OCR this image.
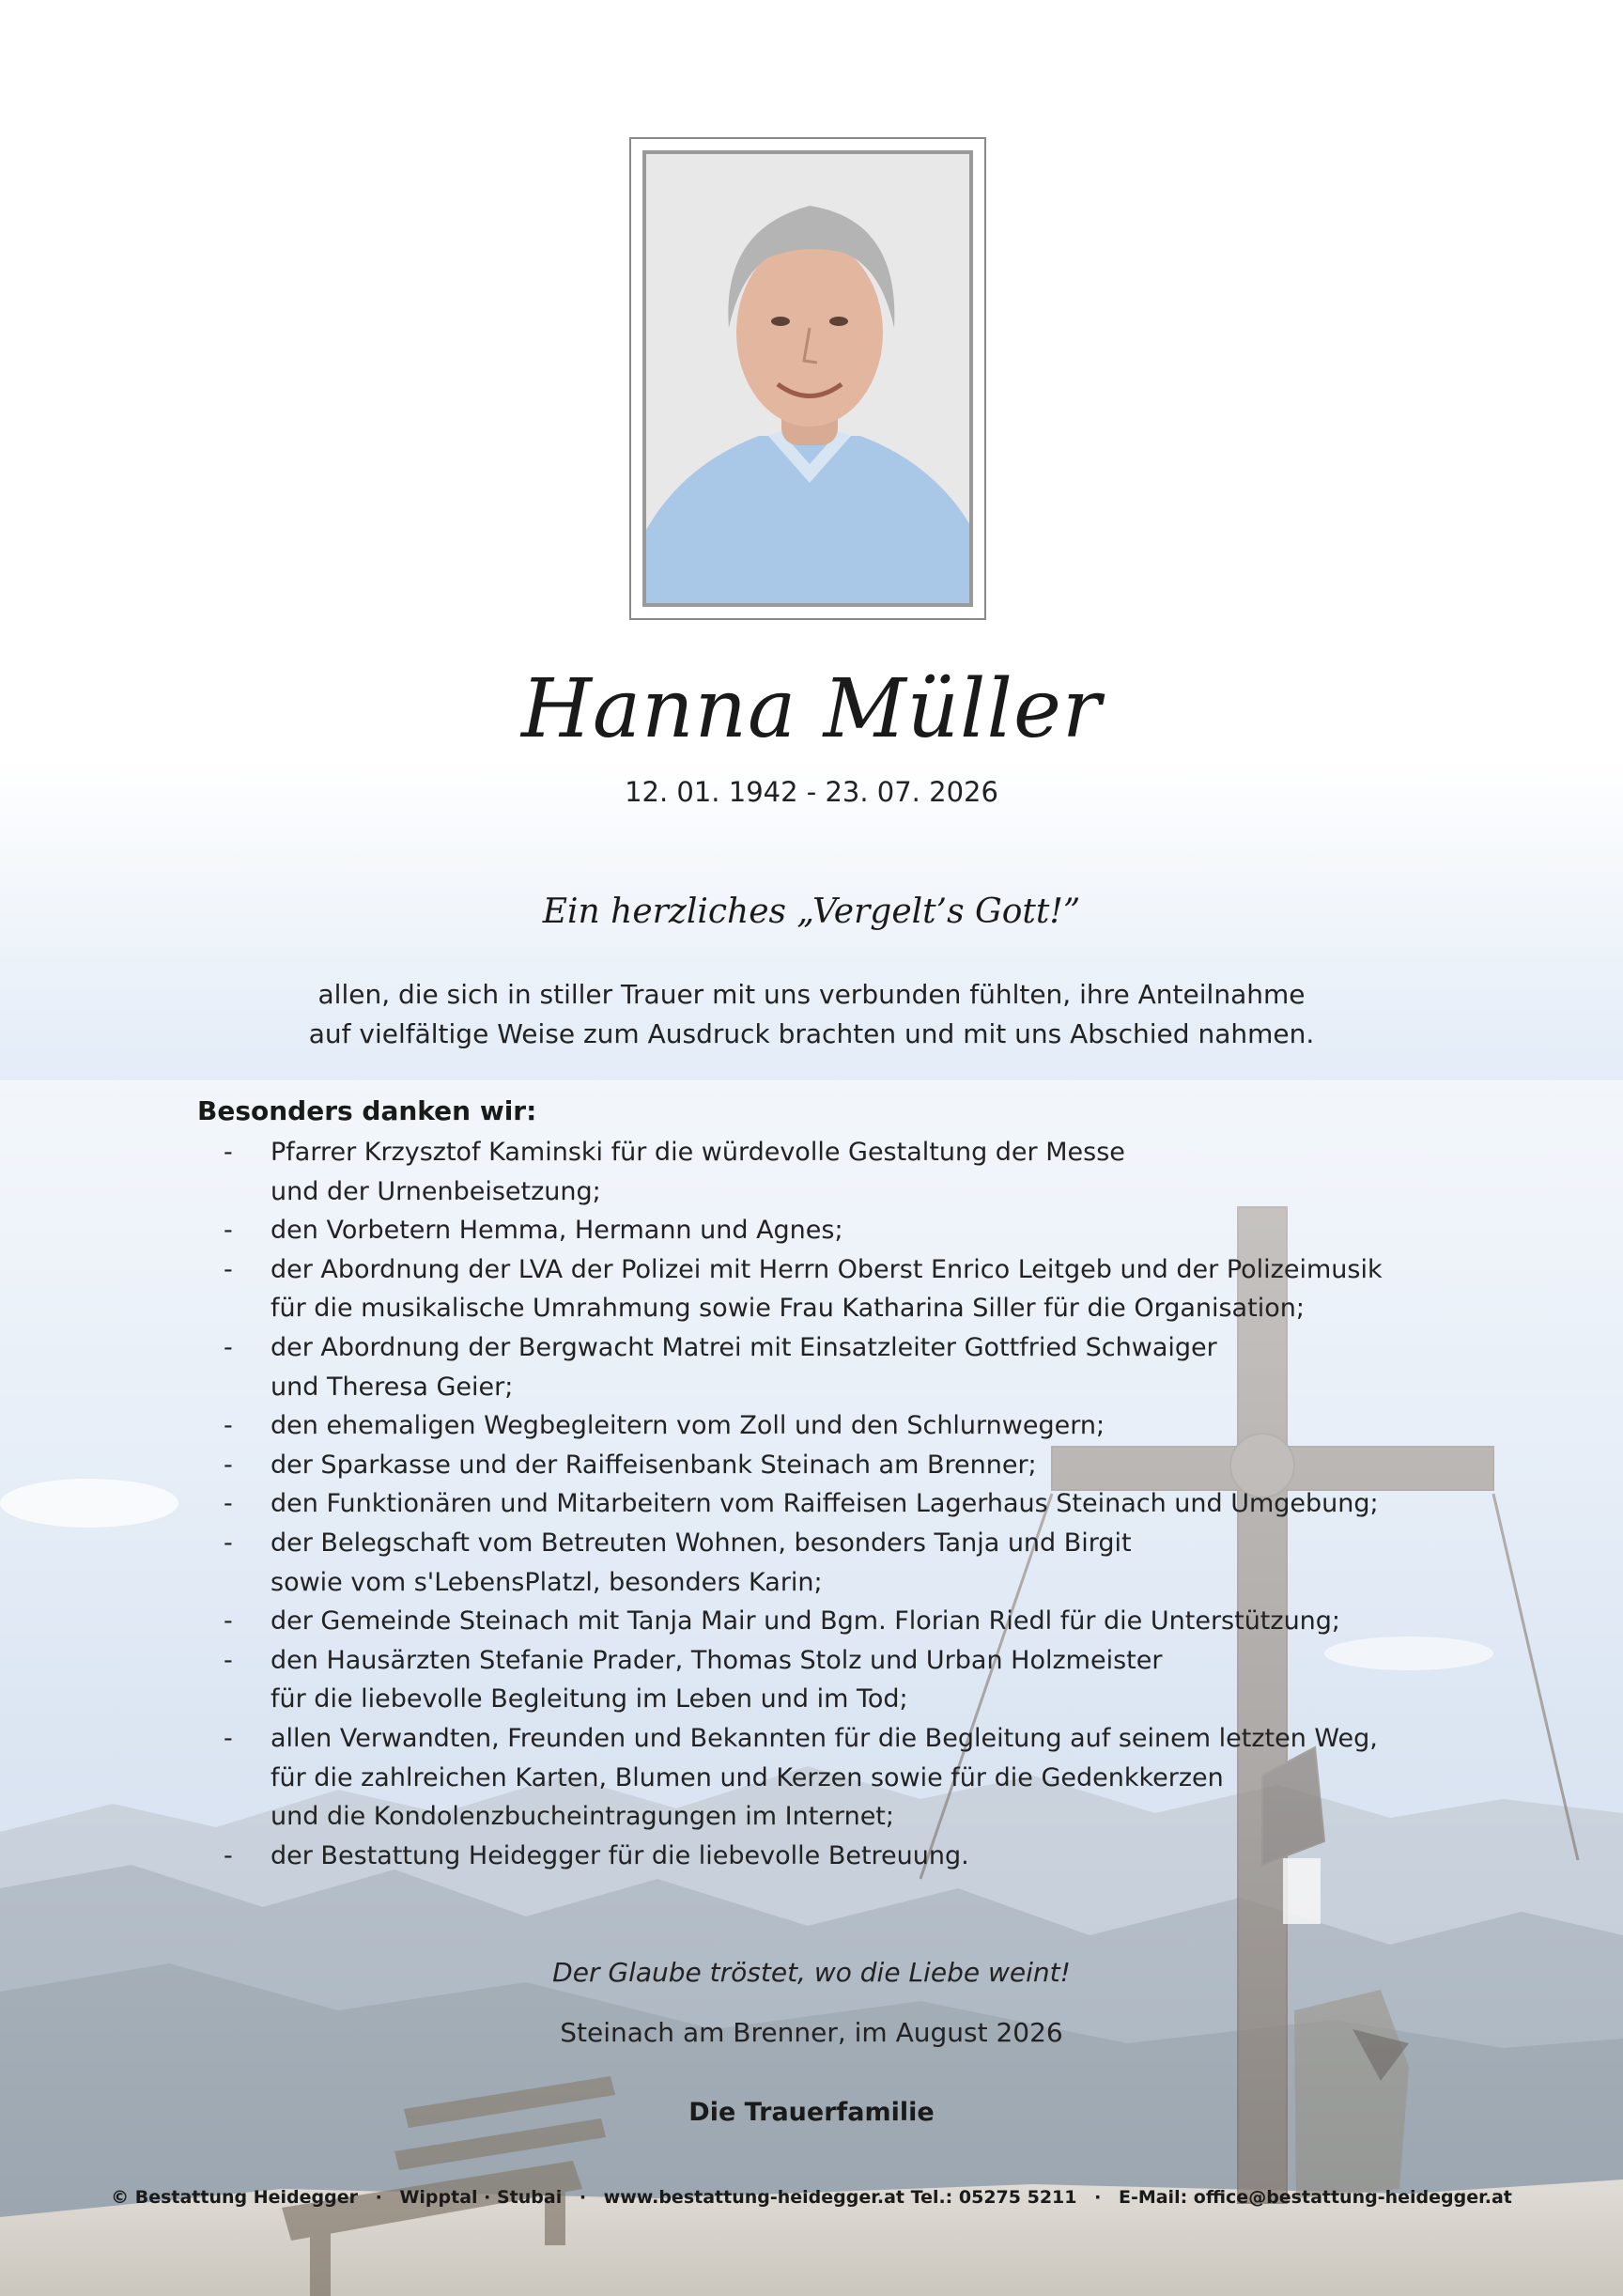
Hanna Müller
12. 01. 1942 - 23. 07. 2026
Ein herzliches „Vergelt’s Gott!”
allen, die sich in stiller Trauer mit uns verbunden fühlten, ihre Anteilnahme
auf vielfältige Weise zum Ausdruck brachten und mit uns Abschied nahmen.
Besonders danken wir:
- Pfarrer Krzysztof Kaminski für die würdevolle Gestaltung der Messe
und der Urnenbeisetzung;
- den Vorbetern Hemma, Hermann und Agnes;
- der Abordnung der LVA der Polizei mit Herrn Oberst Enrico Leitgeb und der Polizeimusik
für die musikalische Umrahmung sowie Frau Katharina Siller für die Organisation;
- der Abordnung der Bergwacht Matrei mit Einsatzleiter Gottfried Schwaiger
und Theresa Geier;
- den ehemaligen Wegbegleitern vom Zoll und den Schlurnwegern;
- der Sparkasse und der Raiffeisenbank Steinach am Brenner;
- den Funktionären und Mitarbeitern vom Raiffeisen Lagerhaus Steinach und Umgebung;
- der Belegschaft vom Betreuten Wohnen, besonders Tanja und Birgit
sowie vom s'LebensPlatzl, besonders Karin;
- der Gemeinde Steinach mit Tanja Mair und Bgm. Florian Riedl für die Unterstützung;
- den Hausärzten Stefanie Prader, Thomas Stolz und Urban Holzmeister
für die liebevolle Begleitung im Leben und im Tod;
- allen Verwandten, Freunden und Bekannten für die Begleitung auf seinem letzten Weg,
für die zahlreichen Karten, Blumen und Kerzen sowie für die Gedenkkerzen
und die Kondolenzbucheintragungen im Internet;
- der Bestattung Heidegger für die liebevolle Betreuung.
Der Glaube tröstet, wo die Liebe weint!
Steinach am Brenner, im August 2026
Die Trauerfamilie
© Bestattung Heidegger · Wipptal · Stubai · www.bestattung-heidegger.at Tel.: 05275 5211 · E-Mail: office@bestattung-heidegger.at
